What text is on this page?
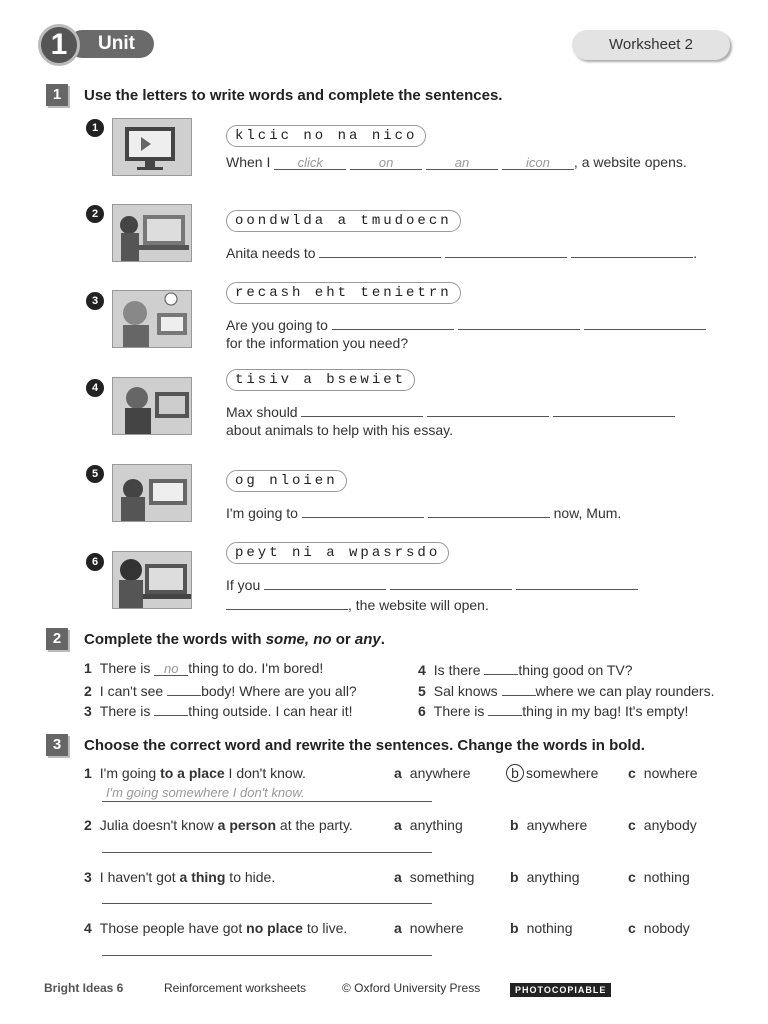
Unit
1	Worksheet 2
1	Use the letters to write words and complete the sentences.
1	klcic no na nico
When I click	on	an	icon , a website opens.
2	oondwlda a tmudoecn
Anita needs to	.
3	recash eht tenietrn
Are you going to
for the information you need?
4	tisiv a bsewiet
Max should
about animals to help with his essay.
5	og nloien
I'm going to	now, Mum.
6
peyt ni a wpasrsdo
If you
, the website will open.
2	Complete the words with some, no or any.
1 There is no thing to do. I'm bored!
2 I can't see	body! Where are you all?
3 There is	thing outside. I can hear it!
4 Is there	thing good on TV?
5 Sal knows	where we can play rounders.
6 There is	thing in my bag! It's empty!
3	Choose the correct word and rewrite the sentences. Change the words in bold.
1 I'm going to a place I don't know.	a anywhere	b somewhere c nowhere
I'm going somewhere I don't know.
2 Julia doesn't know a person at the party.	a anything	b anywhere	c anybody
3 I haven't got a thing to hide.	a something	b anything	c nothing
4 Those people have got no place to live.	a nowhere	b nothing	c nobody
Bright Ideas 6	Reinforcement worksheets	© Oxford University Press	PHOTOCOPIABLE
